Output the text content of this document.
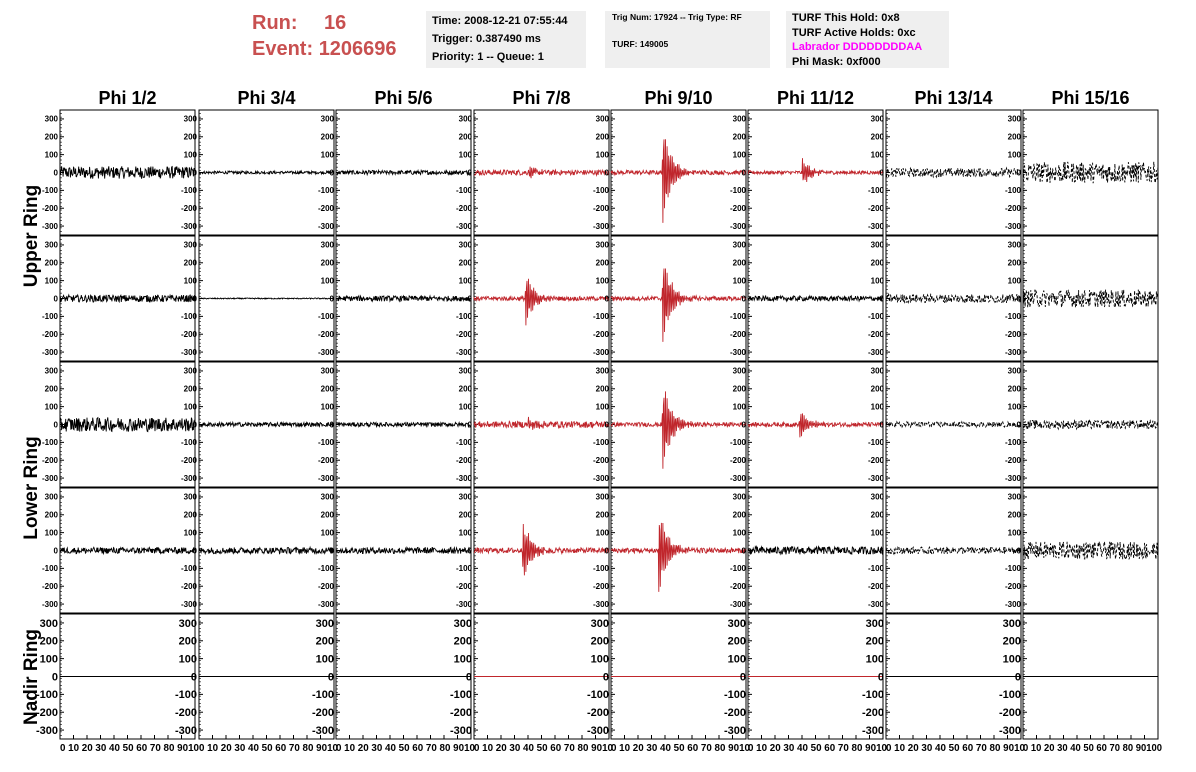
Run: 16
Event: 1206696
Time: 2008-12-21 07:55:44
Trigger: 0.387490 ms
Priority: 1 -- Queue: 1
Trig Num: 17924 -- Trig Type: RF
TURF: 149005
TURF This Hold: 0x8
TURF Active Holds: 0xc
Labrador DDDDDDDDAA
Phi Mask: 0xf000
Phi 1/2	Phi 3/4	Phi 5/6	Phi 7/8	Phi 9/10	Phi 11/12	Phi 13/14	Phi 15/16
Upper Ring
Lower Ring
Nadir Ring
-300
-200
-100
0
100
200
300
-300
-200
-100
0
100
200
300
-300
-200
-100
0
100
200
300
-300
-200
-100
0
100
200
300
-300
-200
-100
0
100
200
300
-300
-200
-100
0
100
200
300
-300
-200
-100
0
100
200
300
-300
-200
-100
0
100
200
300
-300
-200
-100
0
100
200
300
-300
-200
-100
0
100
200
300
-300
-200
-100
0
100
200
300
-300
-200
-100
0
100
200
300
-300
-200
-100
0
100
200
300
-300
-200
-100
0
100
200
300
-300
-200
-100
0
100
200
300
-300
-200
-100
0
100
200
300
-300
-200
-100
0
100
200
300
-300
-200
-100
0
100
200
300
-300
-200
-100
0
100
200
300
-300
-200
-100
0
100
200
300
-300
-200
-100
0
100
200
300
-300
-200
-100
0
100
200
300
-300
-200
-100
0
100
200
300
-300
-200
-100
0
100
200
300
-300
-200
-100
0
100
200
300
-300
-200
-100
0
100
200
300
-300
-200
-100
0
100
200
300
-300
-200
-100
0
100
200
300
-300
-200
-100
0
100
200
300
-300
-200
-100
0
100
200
300
-300
-200
-100
0
100
200
300
-300
-200
-100
0
100
200
300
-300
-200
-100
0
100
200
300
0 10 20 30 40 50 60 70 80 9010
-300
-200
-100
0
100
200
300
0 10 20 30 40 50 60 70 80 9010
-300
-200
-100
0
100
200
300
0 10 20 30 40 50 60 70 80 9010
-300
-200
-100
0
100
200
300
0 10 20 30 40 50 60 70 80 9010
-300
-200
-100
0
100
200
300
0 10 20 30 40 50 60 70 80 9010
-300
-200
-100
0
100
200
300
0 10 20 30 40 50 60 70 80 9010
-300
-200
-100
0
100
200
300
0 10 20 30 40 50 60 70 80 9010
-300
-200
-100
0
100
200
300
0 10 20 30 40 50 60 70 80 90100
